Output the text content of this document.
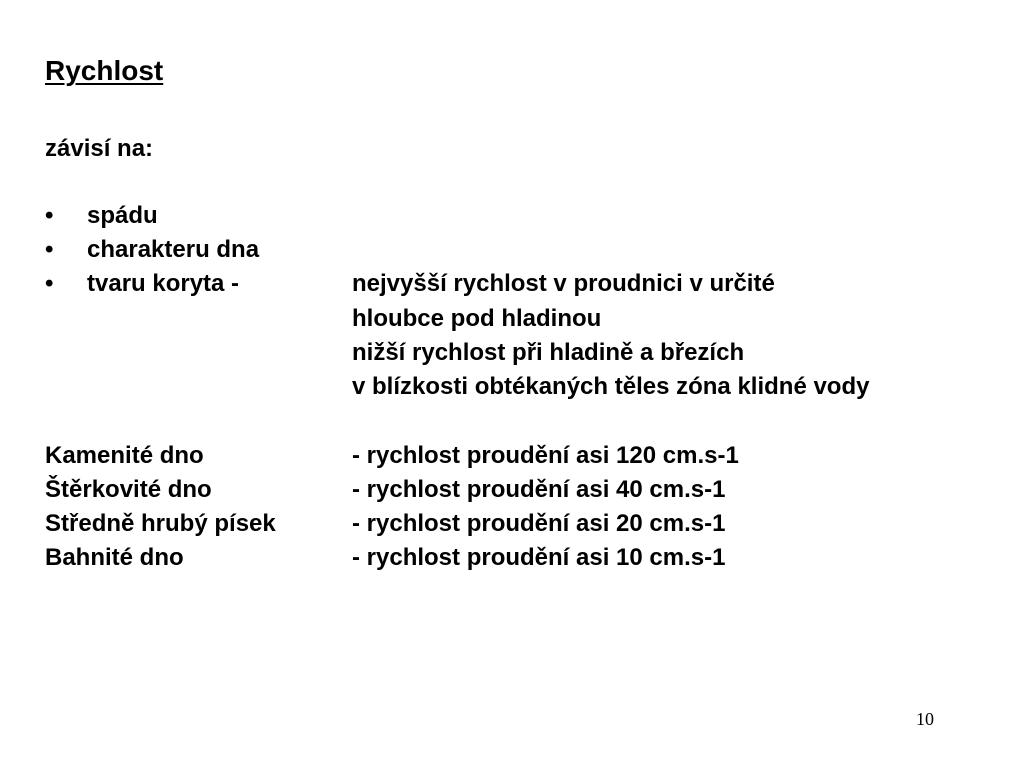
Rychlost
závisí na:
• spádu
• charakteru dna
• tvaru koryta -	nejvyšší rychlost v proudnici v určité
hloubce pod hladinou
nižší rychlost při hladině a březích
v blízkosti obtékaných těles zóna klidné vody
Kamenité dno	- rychlost proudění asi 120 cm.s-1
Štěrkovité dno	- rychlost proudění asi 40 cm.s-1
Středně hrubý písek	- rychlost proudění asi 20 cm.s-1
Bahnité dno	- rychlost proudění asi 10 cm.s-1
10
